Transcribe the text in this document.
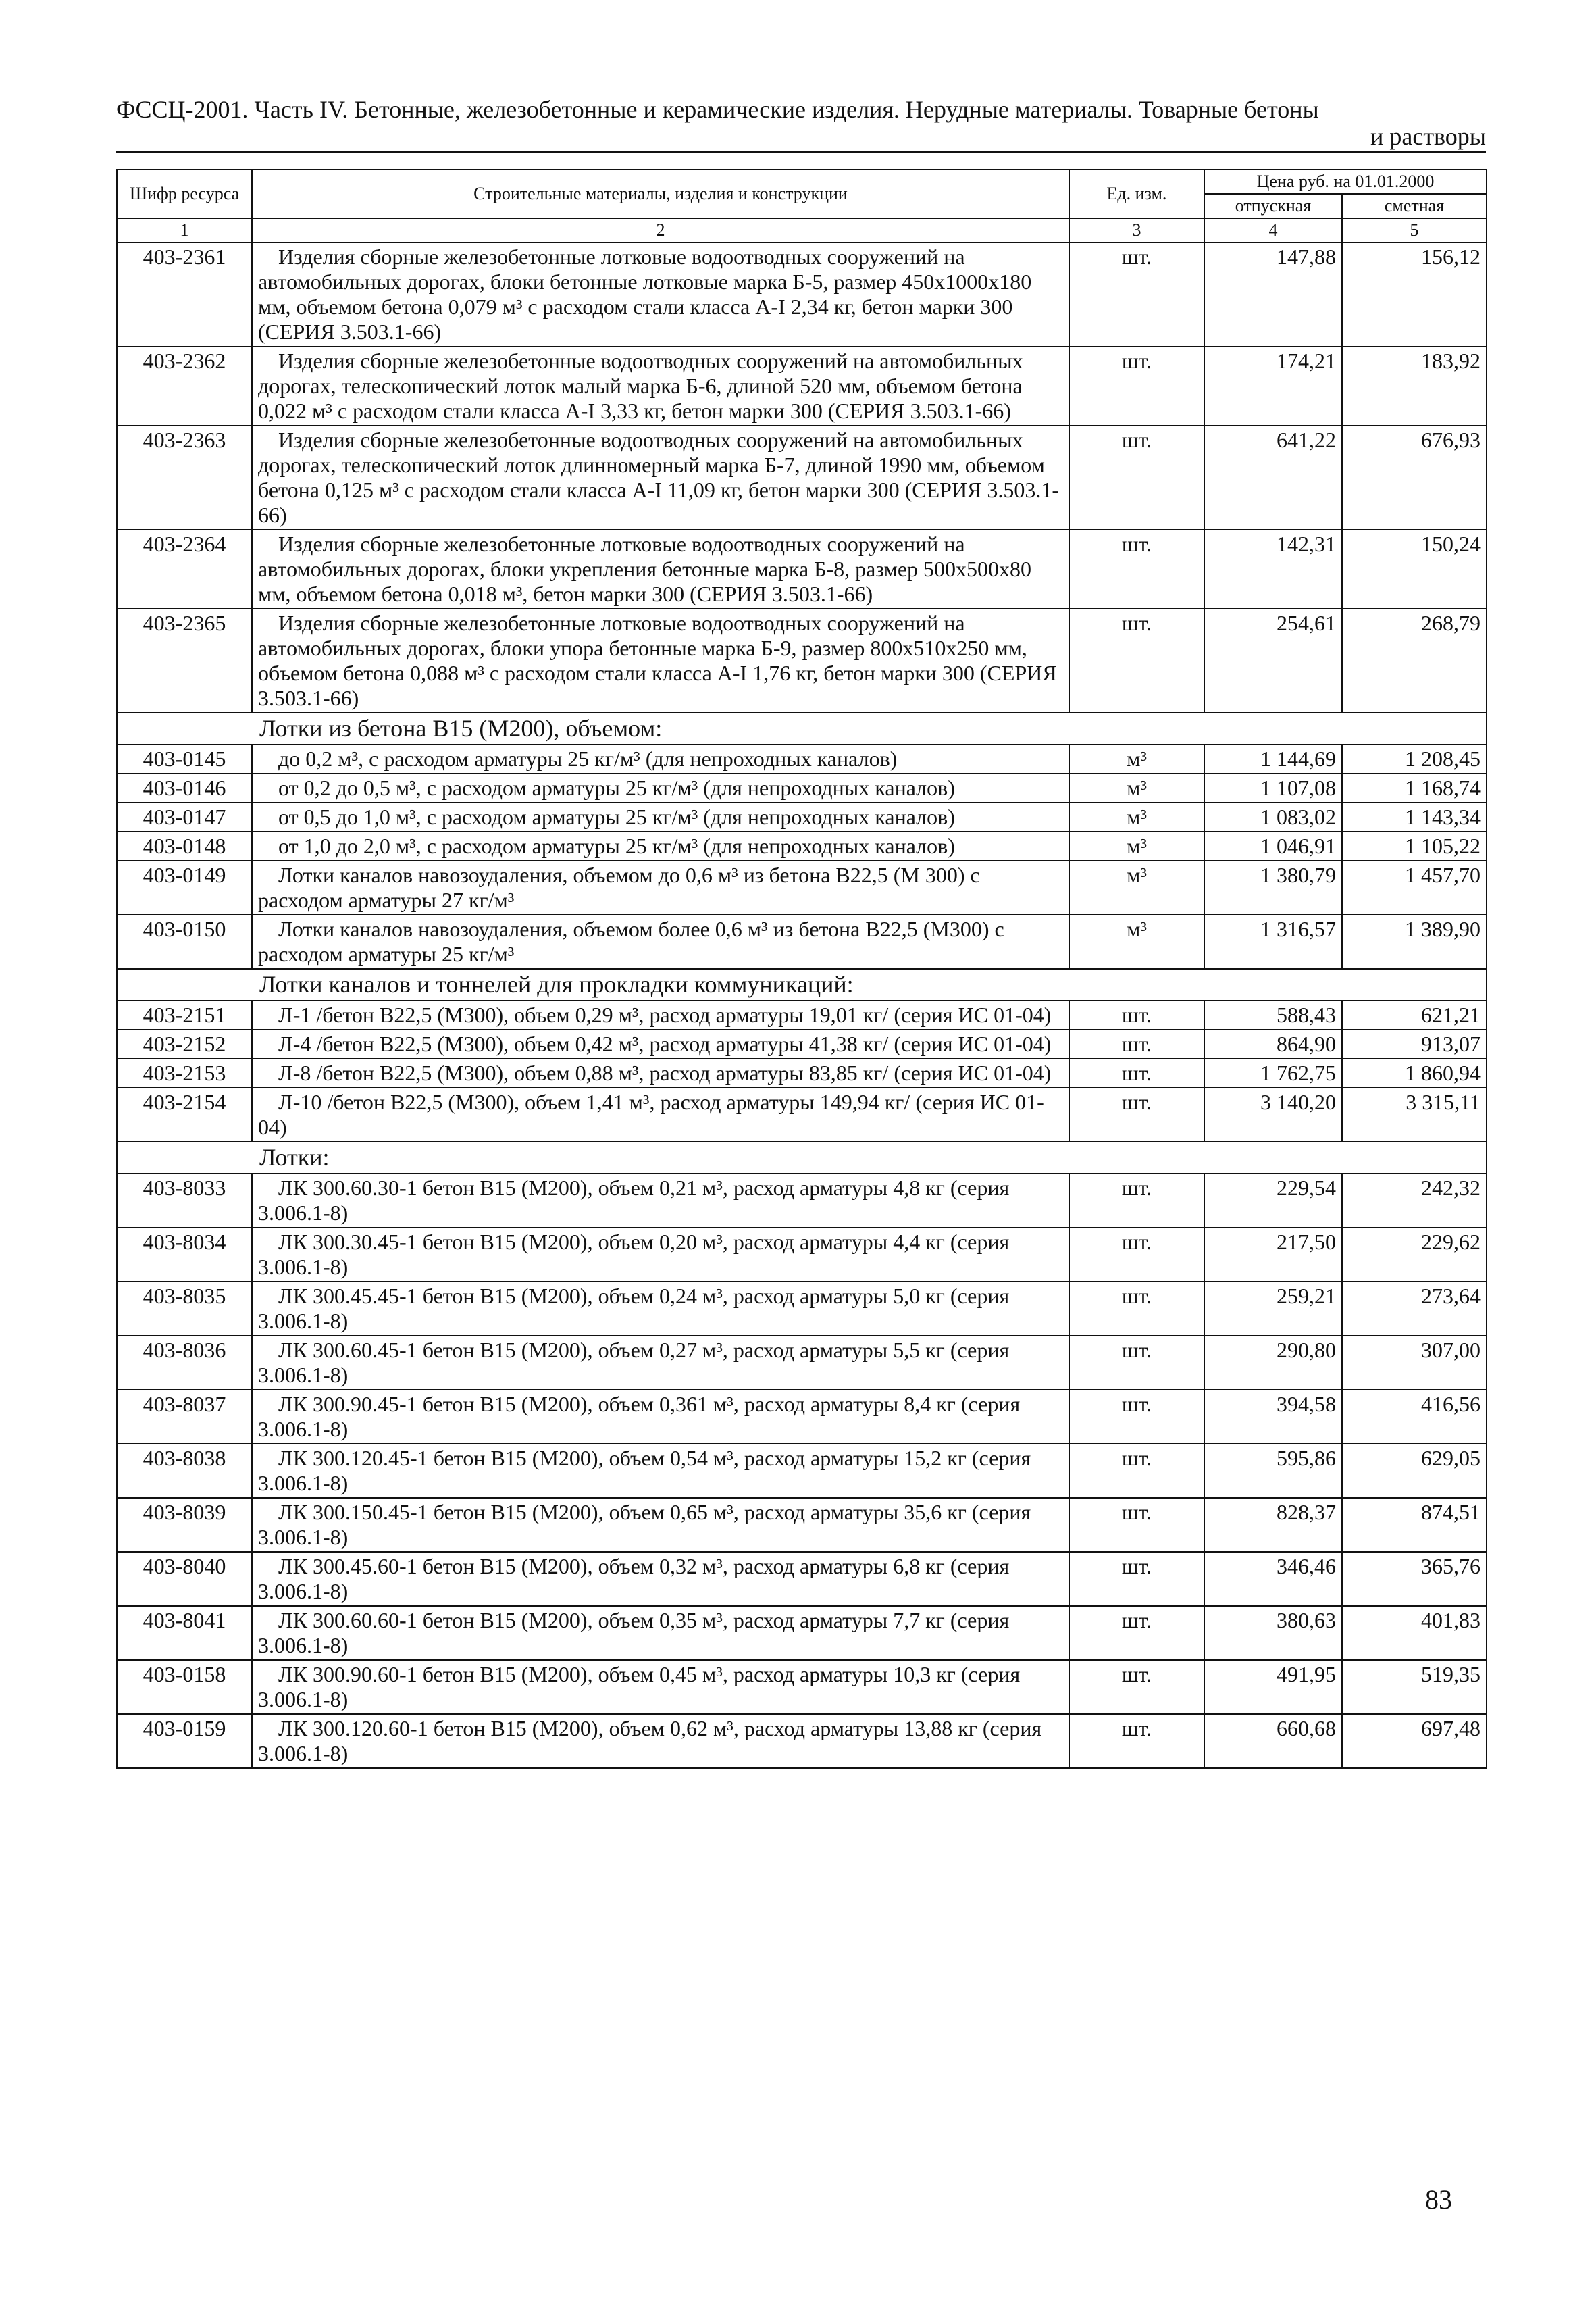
ФССЦ-2001. Часть IV. Бетонные, железобетонные и керамические изделия. Нерудные материалы. Товарные бетоны
и растворы
Шифр ресурса	Строительные материалы, изделия и конструкции	Ед. изм.	Цена руб. на 01.01.2000	
			отпускная	сметная
1	2	3	4	5
403-2361	Изделия сборные железобетонные лотковые водоотводных сооружений на автомобильных дорогах, блоки бетонные лотковые марка Б-5, размер 450х1000х180 мм, объемом бетона 0,079 м³ с расходом стали класса А-I 2,34 кг, бетон марки 300 (СЕРИЯ 3.503.1-66)	шт.	147,88	156,12
403-2362	Изделия сборные железобетонные водоотводных сооружений на автомобильных дорогах, телескопический лоток малый марка Б-6, длиной 520 мм, объемом бетона 0,022 м³ с расходом стали класса А-I 3,33 кг, бетон марки 300 (СЕРИЯ 3.503.1-66)	шт.	174,21	183,92
403-2363	Изделия сборные железобетонные водоотводных сооружений на автомобильных дорогах, телескопический лоток длинномерный марка Б-7, длиной 1990 мм, объемом бетона 0,125 м³ с расходом стали класса А-I 11,09 кг, бетон марки 300 (СЕРИЯ 3.503.1-66)	шт.	641,22	676,93
403-2364	Изделия сборные железобетонные лотковые водоотводных сооружений на автомобильных дорогах, блоки укрепления бетонные марка Б-8, размер 500х500х80 мм, объемом бетона 0,018 м³, бетон марки 300 (СЕРИЯ 3.503.1-66)	шт.	142,31	150,24
403-2365	Изделия сборные железобетонные лотковые водоотводных сооружений на автомобильных дорогах, блоки упора бетонные марка Б-9, размер 800х510х250 мм, объемом бетона 0,088 м³ с расходом стали класса А-I 1,76 кг, бетон марки 300 (СЕРИЯ 3.503.1-66)	шт.	254,61	268,79
Лотки из бетона В15 (М200), объемом:				
403-0145	до 0,2 м³, с расходом арматуры 25 кг/м³ (для непроходных каналов)	м³	1 144,69	1 208,45
403-0146	от 0,2 до 0,5 м³, с расходом арматуры 25 кг/м³ (для непроходных каналов)	м³	1 107,08	1 168,74
403-0147	от 0,5 до 1,0 м³, с расходом арматуры 25 кг/м³ (для непроходных каналов)	м³	1 083,02	1 143,34
403-0148	от 1,0 до 2,0 м³, с расходом арматуры 25 кг/м³ (для непроходных каналов)	м³	1 046,91	1 105,22
403-0149	Лотки каналов навозоудаления, объемом до 0,6 м³ из бетона В22,5 (М 300) с расходом арматуры 27 кг/м³	м³	1 380,79	1 457,70
403-0150	Лотки каналов навозоудаления, объемом более 0,6 м³ из бетона В22,5 (М300) с расходом арматуры 25 кг/м³	м³	1 316,57	1 389,90
Лотки каналов и тоннелей для прокладки коммуникаций:				
403-2151	Л-1 /бетон В22,5 (М300), объем 0,29 м³, расход арматуры 19,01 кг/ (серия ИС 01-04)	шт.	588,43	621,21
403-2152	Л-4 /бетон В22,5 (М300), объем 0,42 м³, расход арматуры 41,38 кг/ (серия ИС 01-04)	шт.	864,90	913,07
403-2153	Л-8 /бетон В22,5 (М300), объем 0,88 м³, расход арматуры 83,85 кг/ (серия ИС 01-04)	шт.	1 762,75	1 860,94
403-2154	Л-10 /бетон В22,5 (М300), объем 1,41 м³, расход арматуры 149,94 кг/ (серия ИС 01-04)	шт.	3 140,20	3 315,11
Лотки:				
403-8033	ЛК 300.60.30-1 бетон В15 (М200), объем 0,21 м³, расход арматуры 4,8 кг (серия 3.006.1-8)	шт.	229,54	242,32
403-8034	ЛК 300.30.45-1 бетон В15 (М200), объем 0,20 м³, расход арматуры 4,4 кг (серия 3.006.1-8)	шт.	217,50	229,62
403-8035	ЛК 300.45.45-1 бетон В15 (М200), объем 0,24 м³, расход арматуры 5,0 кг (серия 3.006.1-8)	шт.	259,21	273,64
403-8036	ЛК 300.60.45-1 бетон В15 (М200), объем 0,27 м³, расход арматуры 5,5 кг (серия 3.006.1-8)	шт.	290,80	307,00
403-8037	ЛК 300.90.45-1 бетон В15 (М200), объем 0,361 м³, расход арматуры 8,4 кг (серия 3.006.1-8)	шт.	394,58	416,56
403-8038	ЛК 300.120.45-1 бетон В15 (М200), объем 0,54 м³, расход арматуры 15,2 кг (серия 3.006.1-8)	шт.	595,86	629,05
403-8039	ЛК 300.150.45-1 бетон В15 (М200), объем 0,65 м³, расход арматуры 35,6 кг (серия 3.006.1-8)	шт.	828,37	874,51
403-8040	ЛК 300.45.60-1 бетон В15 (М200), объем 0,32 м³, расход арматуры 6,8 кг (серия 3.006.1-8)	шт.	346,46	365,76
403-8041	ЛК 300.60.60-1 бетон В15 (М200), объем 0,35 м³, расход арматуры 7,7 кг (серия 3.006.1-8)	шт.	380,63	401,83
403-0158	ЛК 300.90.60-1 бетон В15 (М200), объем 0,45 м³, расход арматуры 10,3 кг (серия 3.006.1-8)	шт.	491,95	519,35
403-0159	ЛК 300.120.60-1 бетон В15 (М200), объем 0,62 м³, расход арматуры 13,88 кг (серия 3.006.1-8)	шт.	660,68	697,48
83
